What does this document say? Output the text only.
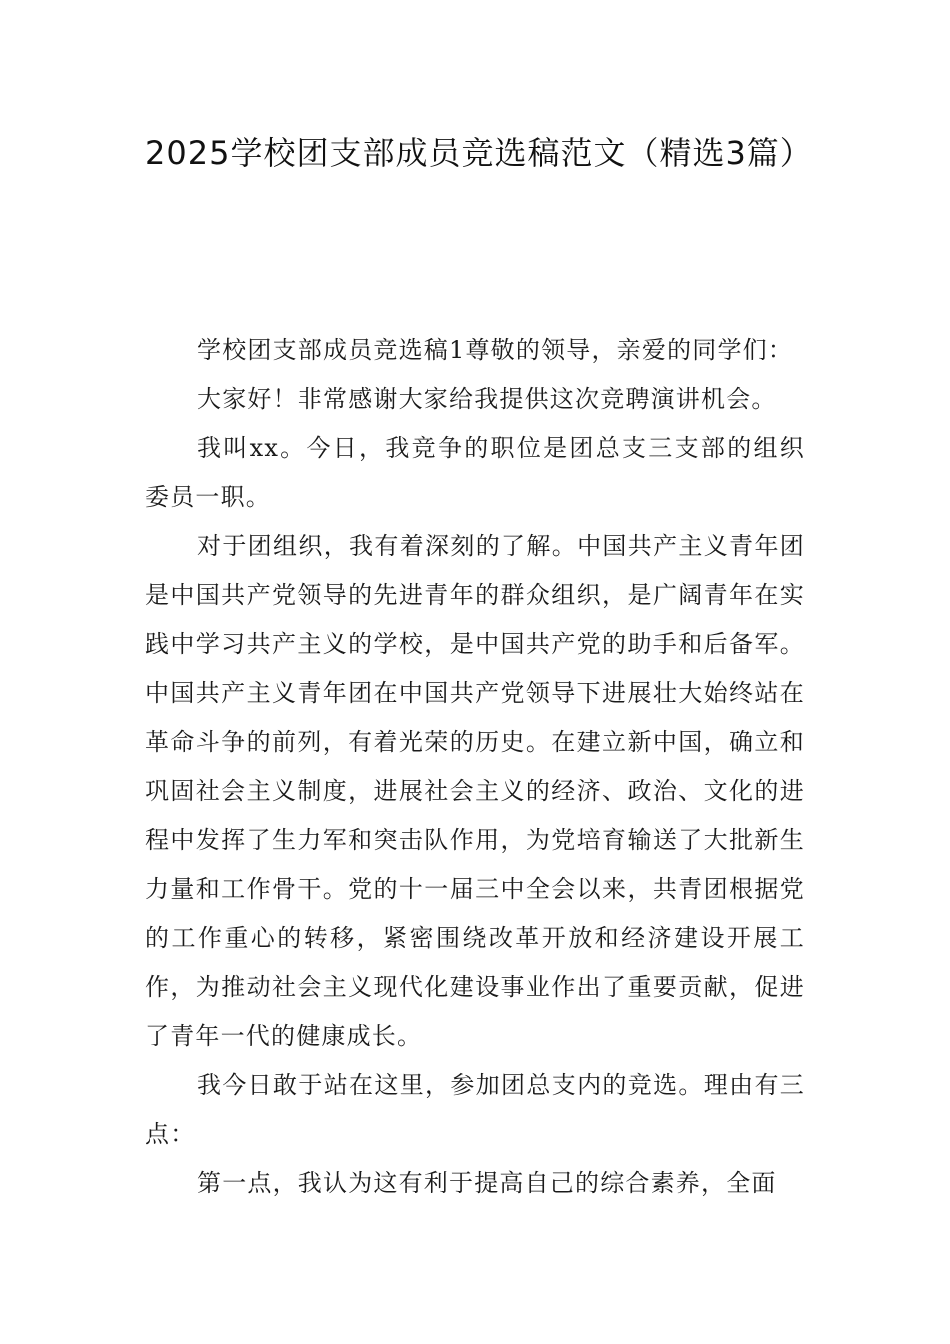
2025学校团支部成员竞选稿范文（精选3篇）

学校团支部成员竞选稿1尊敬的领导，亲爱的同学们：

大家好！非常感谢大家给我提供这次竞聘演讲机会。

我叫xx。今日，我竞争的职位是团总支三支部的组织委员一职。

对于团组织，我有着深刻的了解。中国共产主义青年团是中国共产党领导的先进青年的群众组织，是广阔青年在实践中学习共产主义的学校，是中国共产党的助手和后备军。中国共产主义青年团在中国共产党领导下进展壮大始终站在革命斗争的前列，有着光荣的历史。在建立新中国，确立和巩固社会主义制度，进展社会主义的经济、政治、文化的进程中发挥了生力军和突击队作用，为党培育输送了大批新生力量和工作骨干。党的十一届三中全会以来，共青团根据党的工作重心的转移，紧密围绕改革开放和经济建设开展工作，为推动社会主义现代化建设事业作出了重要贡献，促进了青年一代的健康成长。

我今日敢于站在这里，参加团总支内的竞选。理由有三点：

第一点，我认为这有利于提高自己的综合素养，全面
